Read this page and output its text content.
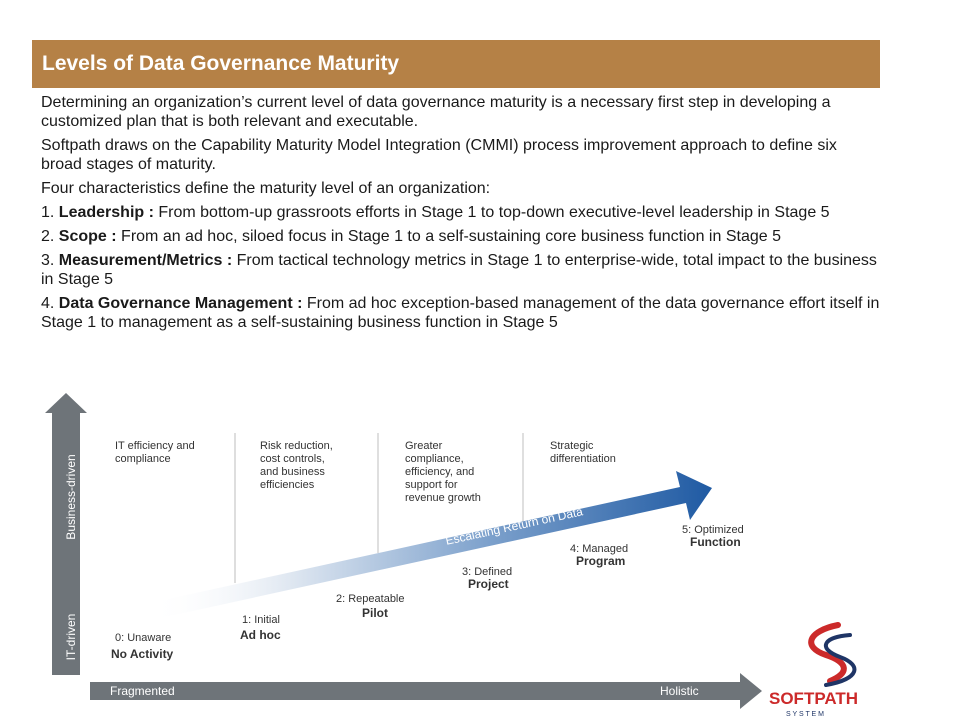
Levels of Data Governance Maturity

Determining an organization’s current level of data governance maturity is a necessary first step in developing a customized plan that is both relevant and executable.

Softpath draws on the Capability Maturity Model Integration (CMMI) process improvement approach to define six broad stages of maturity.

Four characteristics define the maturity level of an organization:

1. Leadership : From bottom-up grassroots efforts in Stage 1 to top-down executive-level leadership in Stage 5

2. Scope : From an ad hoc, siloed focus in Stage 1 to a self-sustaining core business function in Stage 5

3. Measurement/Metrics : From tactical technology metrics in Stage 1 to enterprise-wide, total impact to the business in Stage 5

4. Data Governance Management : From ad hoc exception-based management of the data governance effort itself in Stage 1 to management as a self-sustaining business function in Stage 5

Business-driven
IT-driven
Fragmented	Holistic
IT efficiency and compliance
Risk reduction, cost controls, and business efficiencies
Greater compliance, efficiency, and support for revenue growth
Strategic differentiation
Escalating Return on Data
0: Unaware
No Activity
1: Initial
Ad hoc
2: Repeatable
Pilot
3: Defined
Project
4: Managed
Program
5: Optimized
Function
SOFTPATH
S Y S T E M
